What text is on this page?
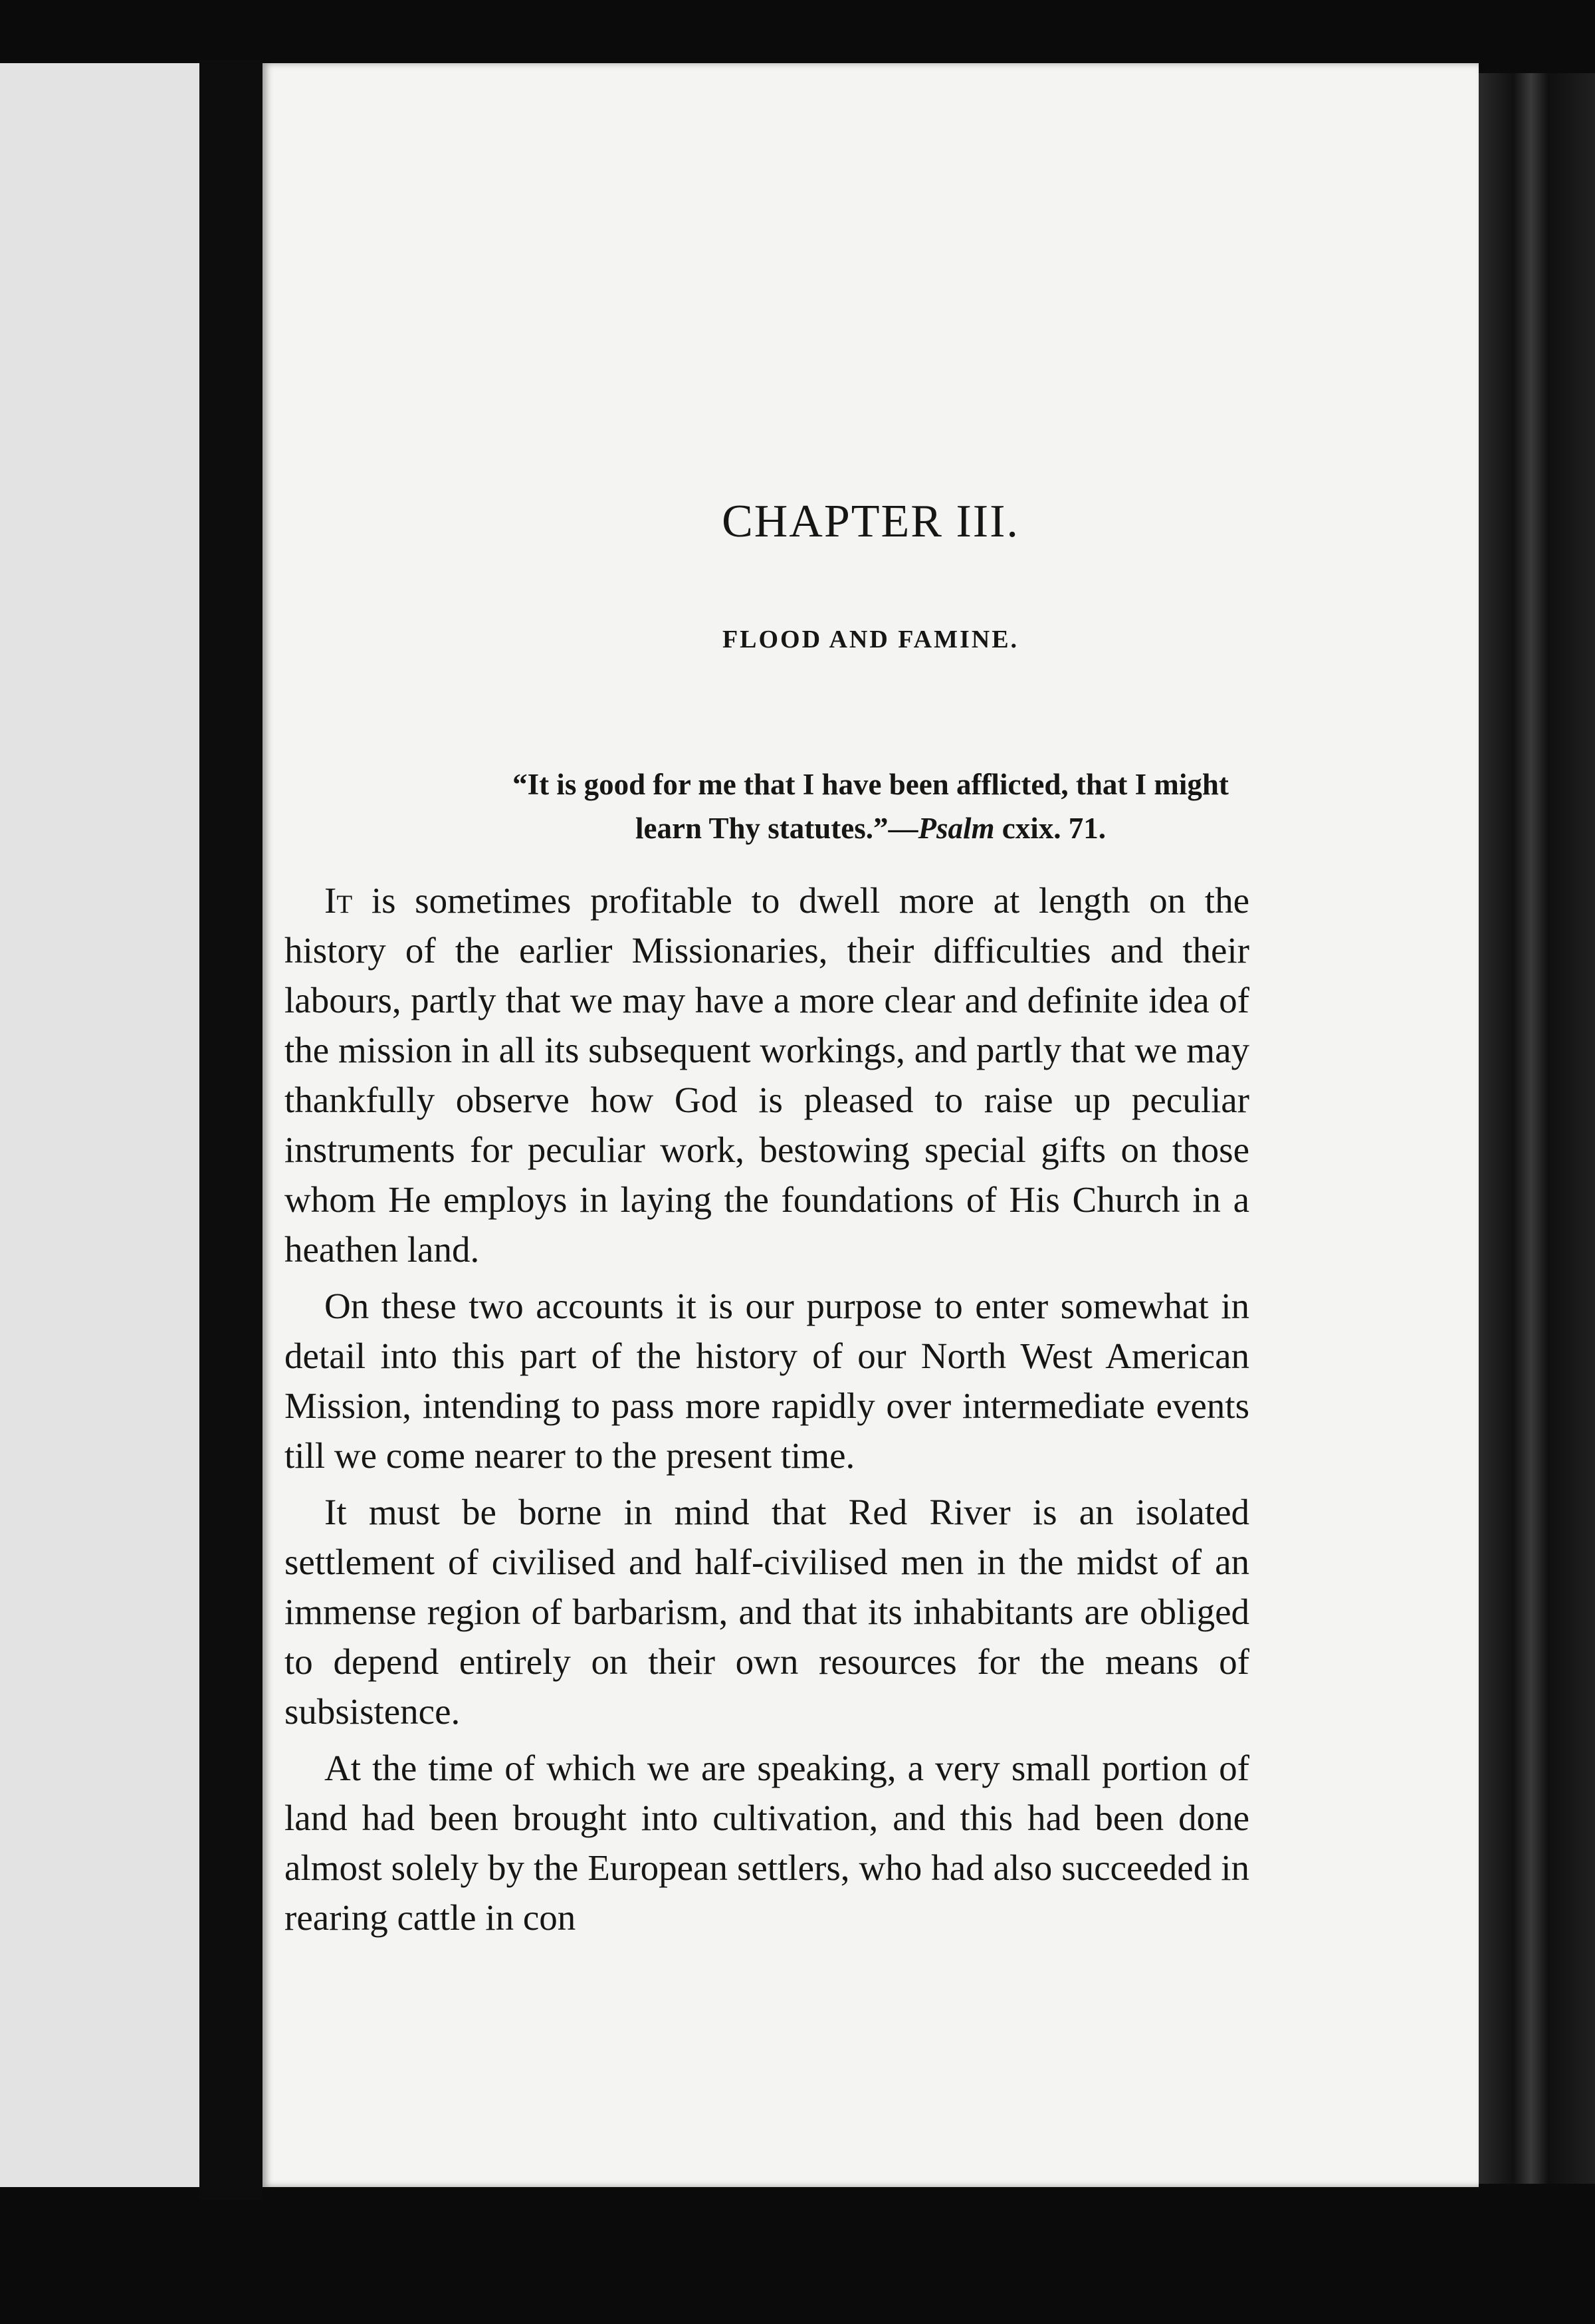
CHAPTER III.
FLOOD AND FAMINE.

“It is good for me that I have been afflicted, that I might
learn Thy statutes.”—Psalm cxix. 71.

It is sometimes profitable to dwell more at length on the history of the earlier Missionaries, their difficulties and their labours, partly that we may have a more clear and definite idea of the mission in all its subsequent workings, and partly that we may thankfully observe how God is pleased to raise up peculiar instruments for peculiar work, bestowing special gifts on those whom He employs in laying the foundations of His Church in a heathen land.

On these two accounts it is our purpose to enter somewhat in detail into this part of the history of our North West American Mission, intending to pass more rapidly over intermediate events till we come nearer to the present time.

It must be borne in mind that Red River is an isolated settlement of civilised and half-civilised men in the midst of an immense region of barbarism, and that its inhabitants are obliged to depend entirely on their own resources for the means of subsistence.

At the time of which we are speaking, a very small portion of land had been brought into cultivation, and this had been done almost solely by the European settlers, who had also succeeded in rearing cattle in con
